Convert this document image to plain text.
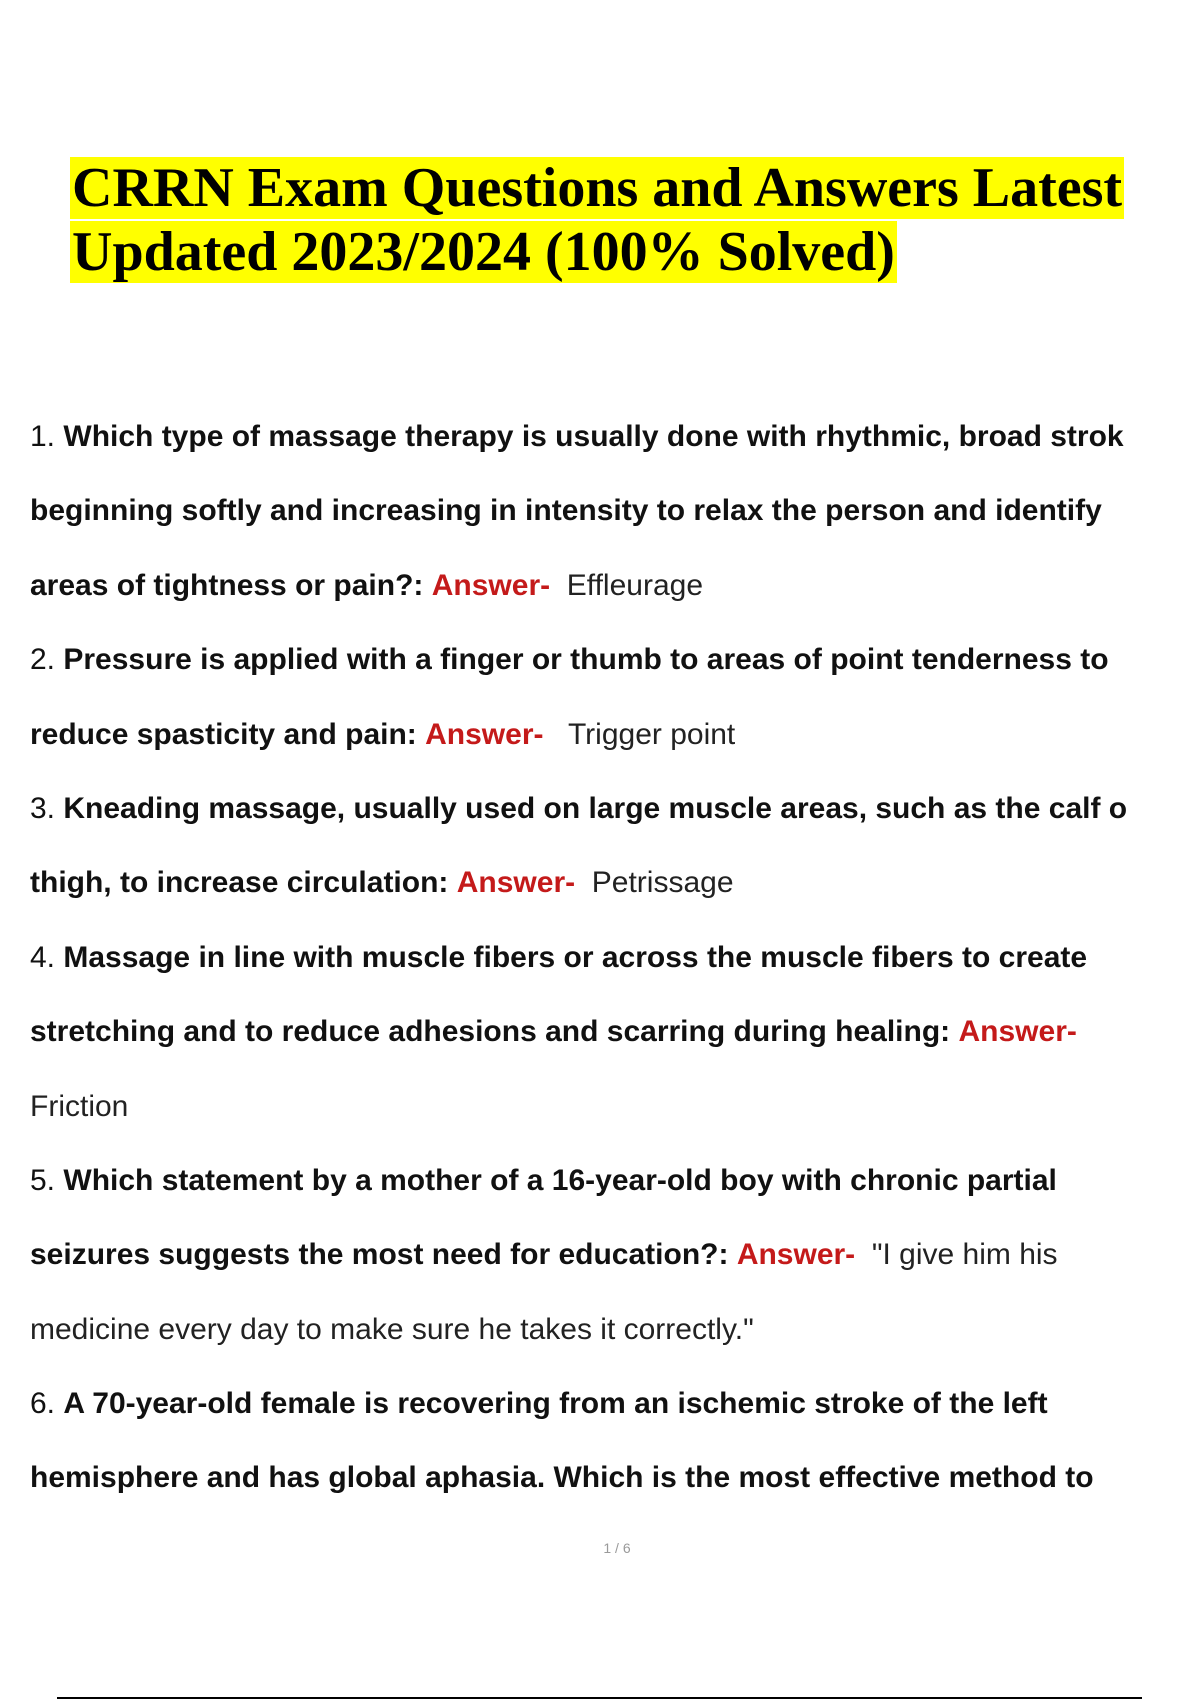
CRRN Exam Questions and Answers Latest
Updated 2023/2024 (100% Solved)
1. Which type of massage therapy is usually done with rhythmic, broad strok
beginning softly and increasing in intensity to relax the person and identify
areas of tightness or pain?: Answer- Effleurage
2. Pressure is applied with a finger or thumb to areas of point tenderness to
reduce spasticity and pain: Answer- Trigger point
3. Kneading massage, usually used on large muscle areas, such as the calf o
thigh, to increase circulation: Answer- Petrissage
4. Massage in line with muscle fibers or across the muscle fibers to create
stretching and to reduce adhesions and scarring during healing: Answer-
Friction
5. Which statement by a mother of a 16-year-old boy with chronic partial
seizures suggests the most need for education?: Answer- "I give him his
medicine every day to make sure he takes it correctly."
6. A 70-year-old female is recovering from an ischemic stroke of the left
hemisphere and has global aphasia. Which is the most effective method to
1 / 6
